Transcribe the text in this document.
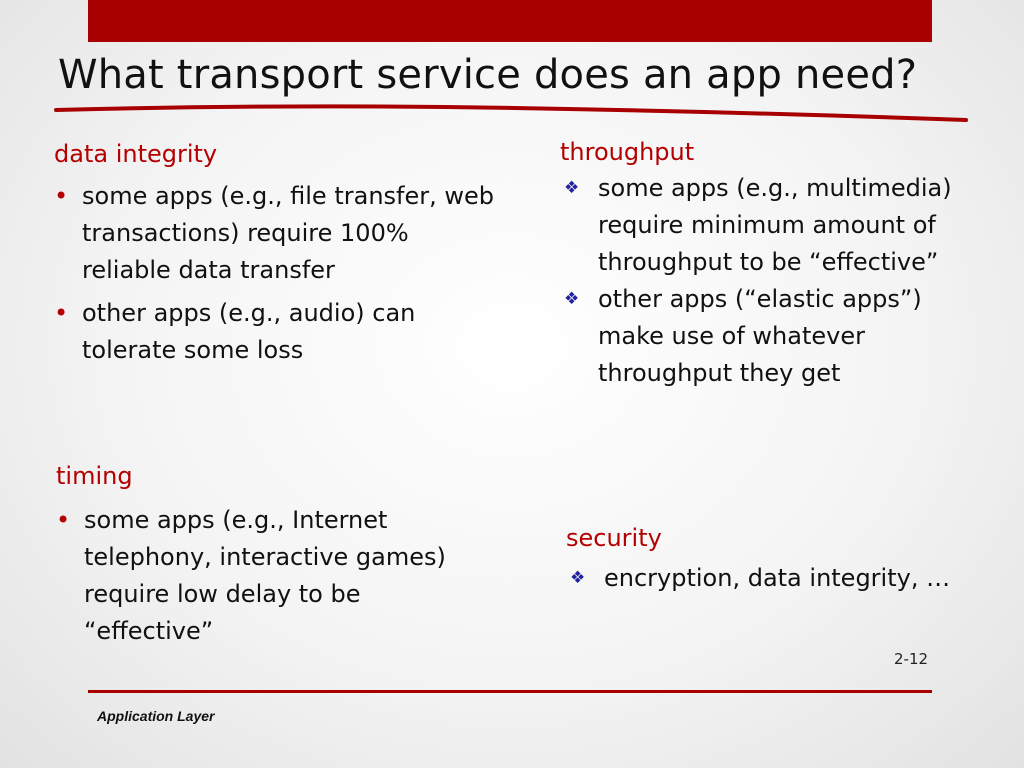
What transport service does an app need?
data integrity
• some apps (e.g., file transfer, web transactions) require 100% reliable data transfer
• other apps (e.g., audio) can tolerate some loss
timing
• some apps (e.g., Internet telephony, interactive games) require low delay to be “effective”
throughput
❖ some apps (e.g., multimedia) require minimum amount of throughput to be “effective”
❖ other apps (“elastic apps”) make use of whatever throughput they get
security
❖ encryption, data integrity, …
2-12
Application Layer
